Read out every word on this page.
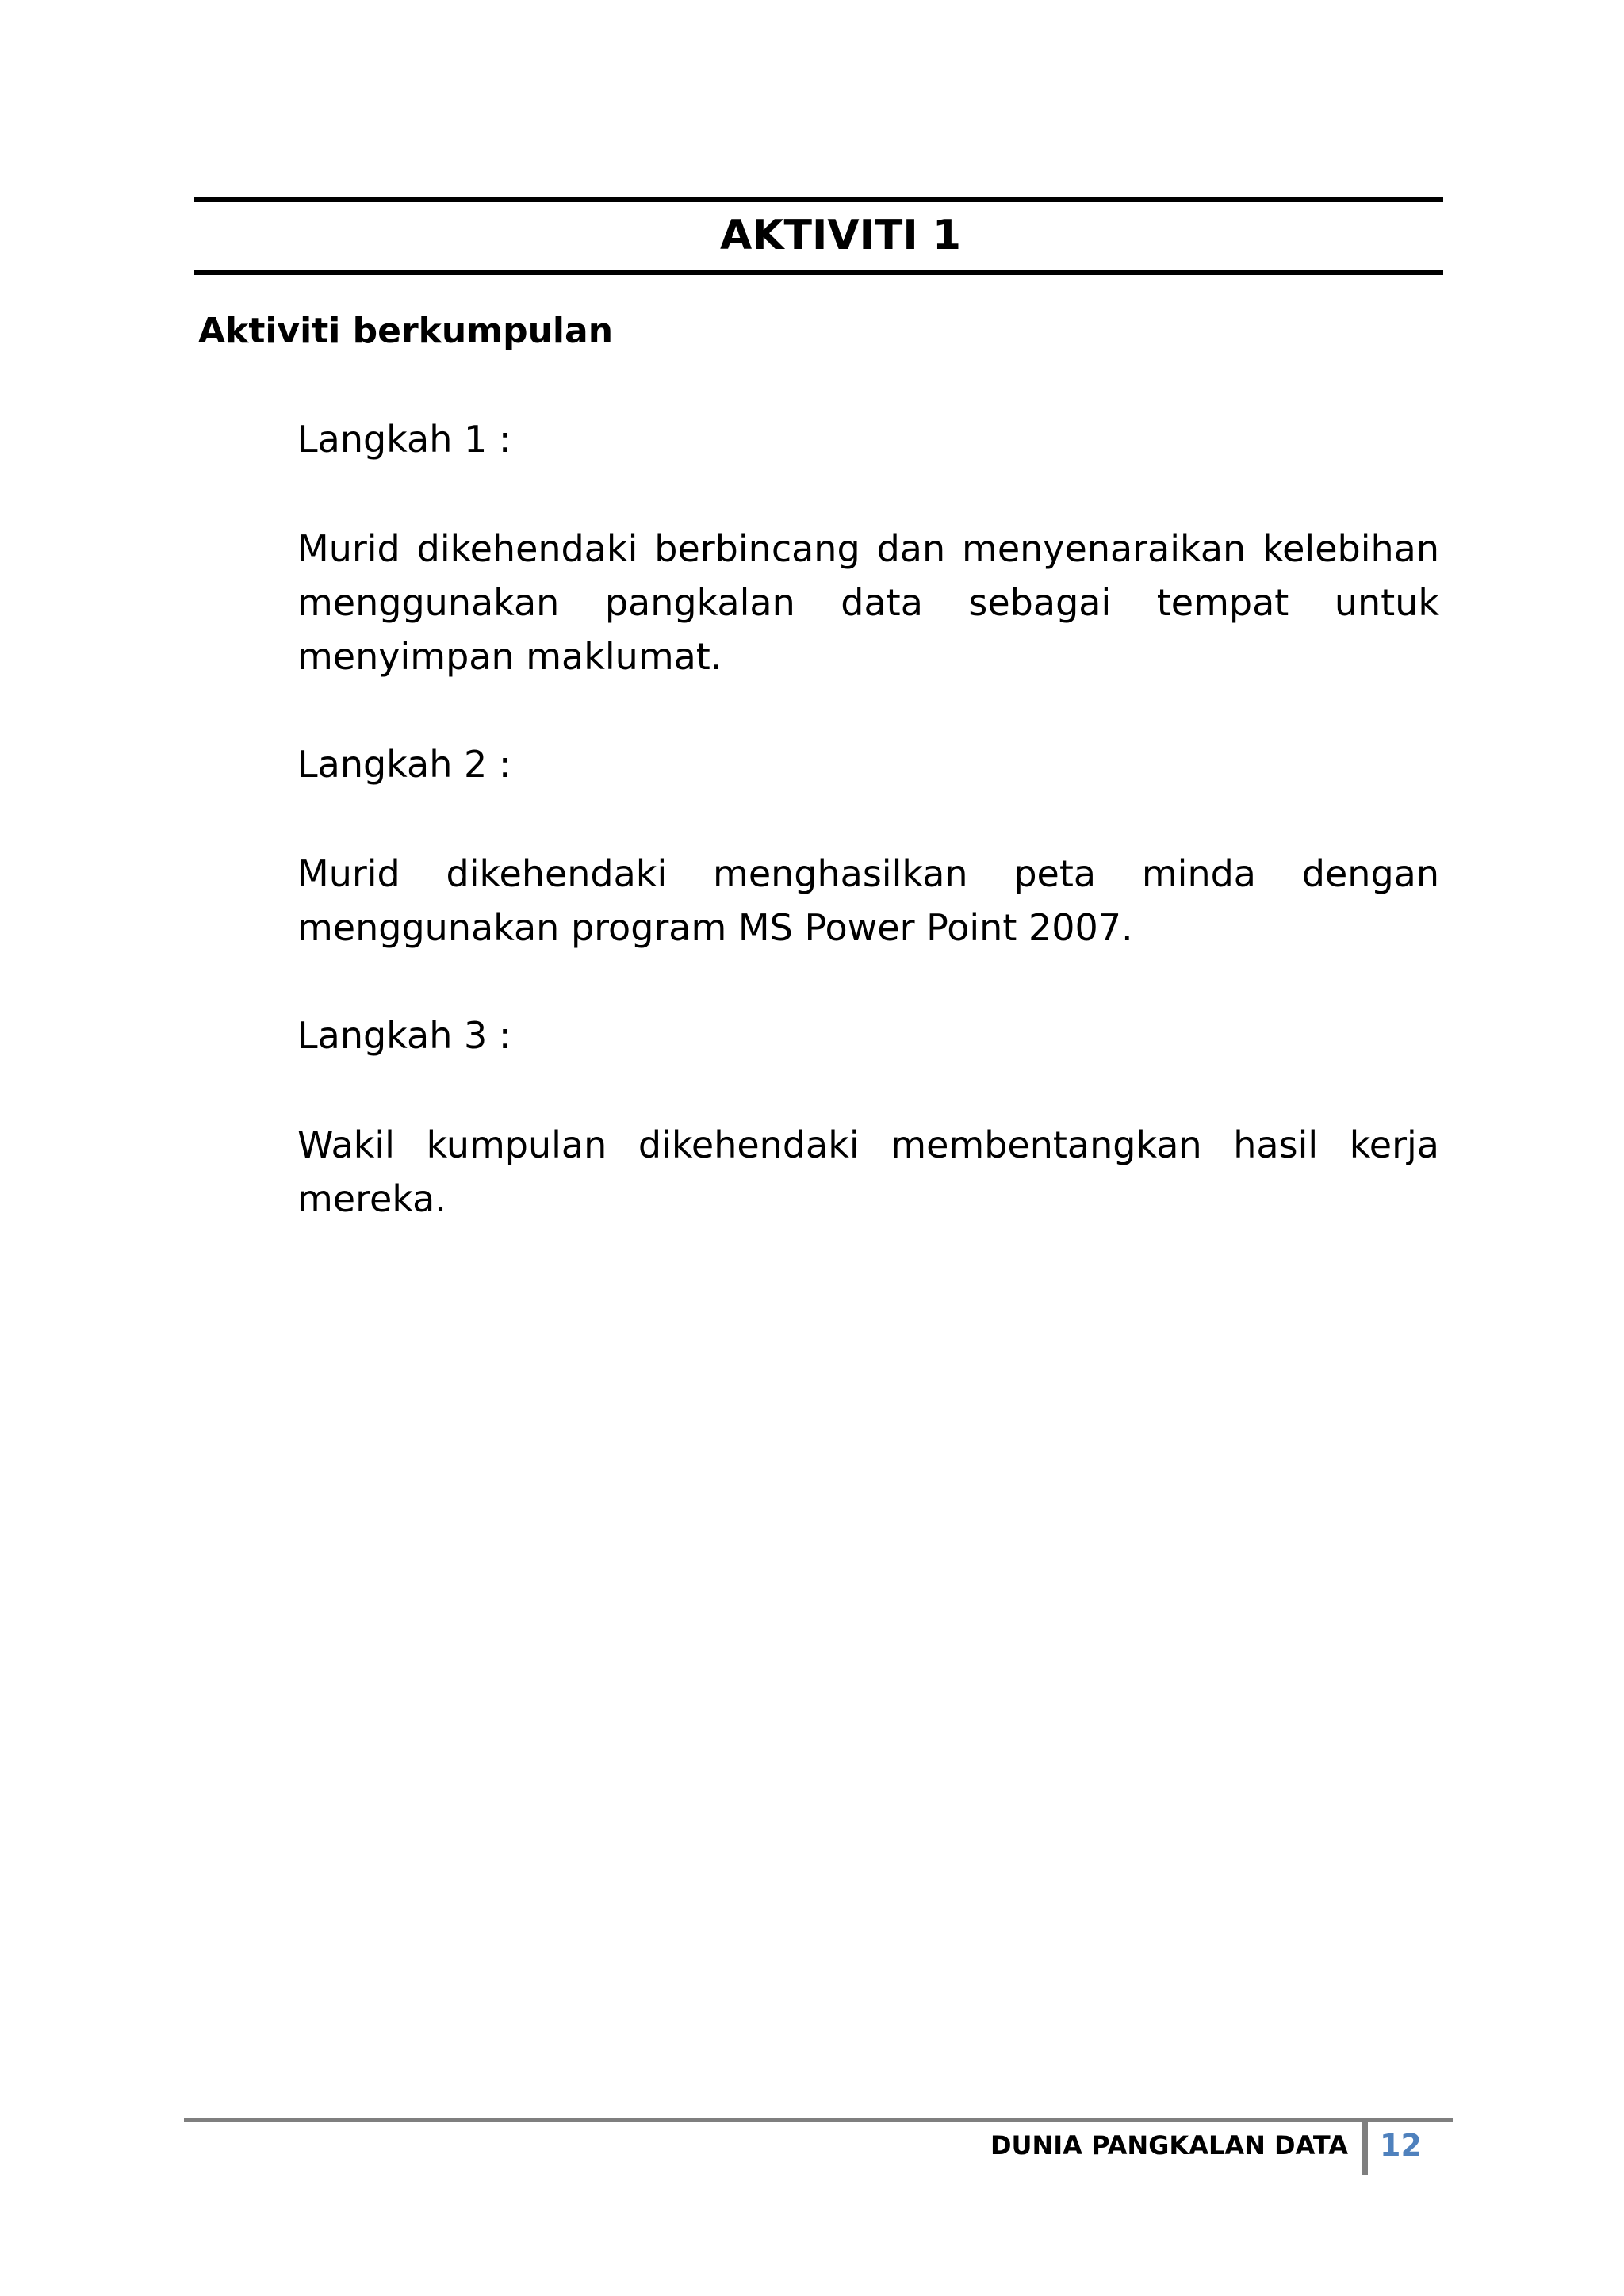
AKTIVITI 1
Aktiviti berkumpulan

Langkah 1 :

Murid dikehendaki berbincang dan menyenaraikan kelebihan menggunakan pangkalan data sebagai tempat untuk menyimpan maklumat.

Langkah 2 :

Murid dikehendaki menghasilkan peta minda dengan menggunakan program MS Power Point 2007.

Langkah 3 :

Wakil kumpulan dikehendaki membentangkan hasil kerja mereka.

DUNIA PANGKALAN DATA 12
